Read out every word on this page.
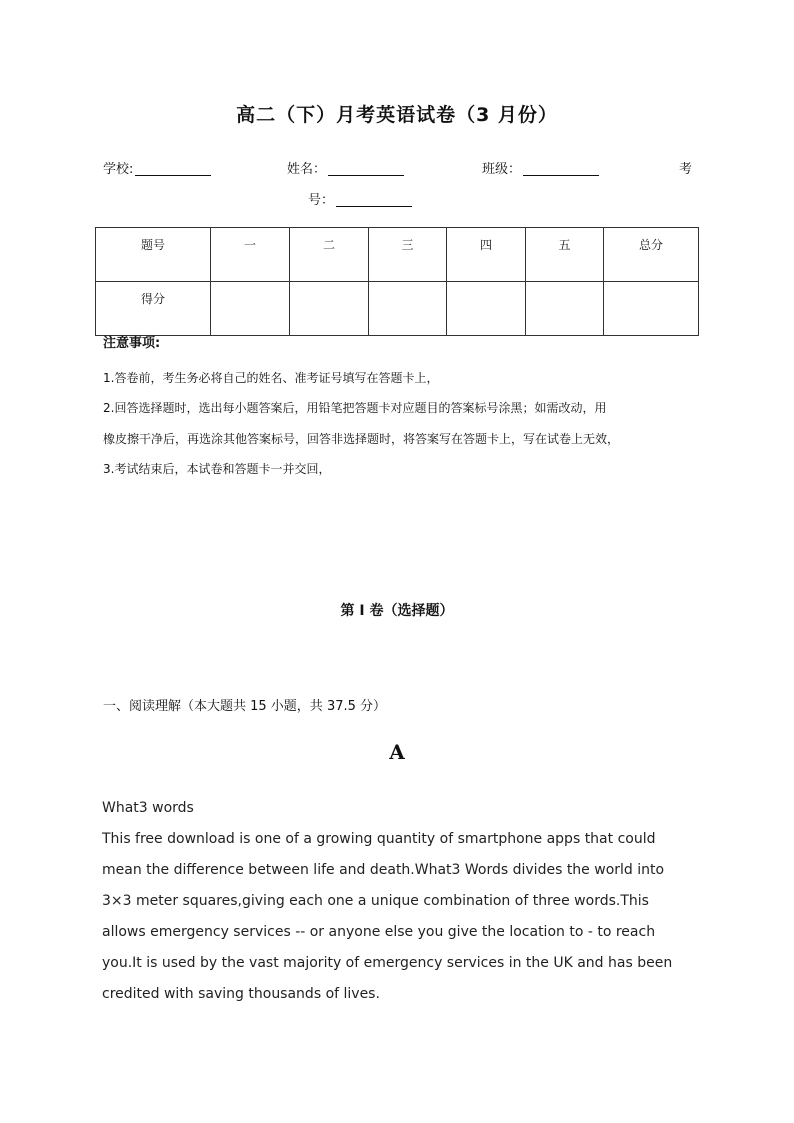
高二（下）月考英语试卷（3 月份）
学校:	姓名：	班级：	考
号：
题号	一	二	三	四	五	总分
得分						
注意事项:
1.答卷前，考生务必将自己的姓名、准考证号填写在答题卡上，
2.回答选择题时，选出每小题答案后，用铅笔把答题卡对应题目的答案标号涂黑；如需改动，用
橡皮擦干净后，再选涂其他答案标号，回答非选择题时，将答案写在答题卡上，写在试卷上无效，
3.考试结束后，本试卷和答题卡一并交回，
第 I 卷（选择题）
一、阅读理解（本大题共 15 小题，共 37.5 分）
A

What3 words

This free download is one of a growing quantity of smartphone apps that could

mean the difference between life and death.What3 Words divides the world into

3×3 meter squares,giving each one a unique combination of three words.This

allows emergency services -- or anyone else you give the location to - to reach

you.It is used by the vast majority of emergency services in the UK and has been

credited with saving thousands of lives.
